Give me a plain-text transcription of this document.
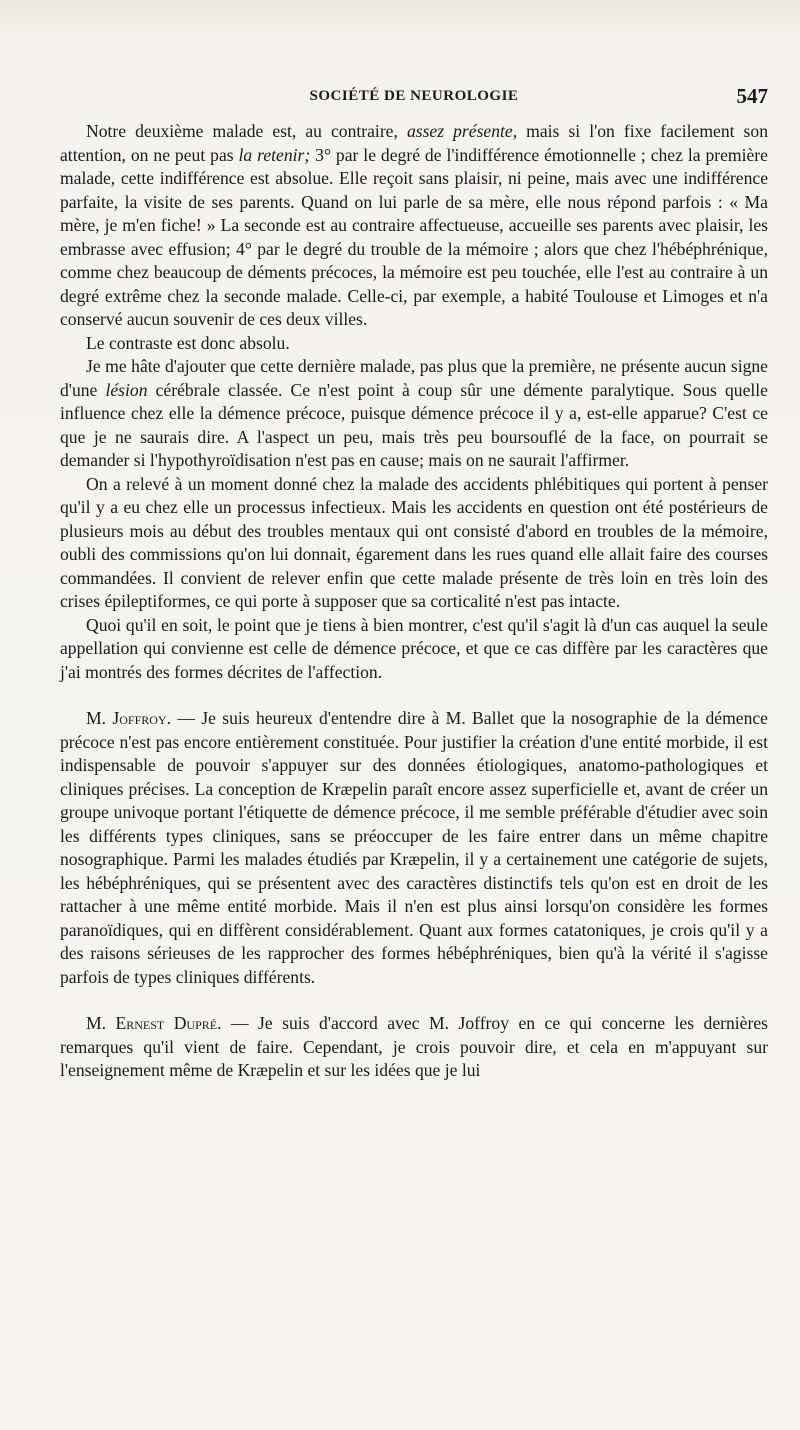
SOCIÉTÉ DE NEUROLOGIE	547

Notre deuxième malade est, au contraire, assez présente, mais si l'on fixe facilement son attention, on ne peut pas la retenir; 3° par le degré de l'indifférence émotionnelle ; chez la première malade, cette indifférence est absolue. Elle reçoit sans plaisir, ni peine, mais avec une indifférence parfaite, la visite de ses parents. Quand on lui parle de sa mère, elle nous répond parfois : « Ma mère, je m'en fiche! » La seconde est au contraire affectueuse, accueille ses parents avec plaisir, les embrasse avec effusion; 4° par le degré du trouble de la mémoire ; alors que chez l'hébéphrénique, comme chez beaucoup de déments précoces, la mémoire est peu touchée, elle l'est au contraire à un degré extrême chez la seconde malade. Celle-ci, par exemple, a habité Toulouse et Limoges et n'a conservé aucun souvenir de ces deux villes.

Le contraste est donc absolu.

Je me hâte d'ajouter que cette dernière malade, pas plus que la première, ne présente aucun signe d'une lésion cérébrale classée. Ce n'est point à coup sûr une démente paralytique. Sous quelle influence chez elle la démence précoce, puisque démence précoce il y a, est-elle apparue? C'est ce que je ne saurais dire. A l'aspect un peu, mais très peu boursouflé de la face, on pourrait se demander si l'hypothyroïdisation n'est pas en cause; mais on ne saurait l'affirmer.

On a relevé à un moment donné chez la malade des accidents phlébitiques qui portent à penser qu'il y a eu chez elle un processus infectieux. Mais les accidents en question ont été postérieurs de plusieurs mois au début des troubles mentaux qui ont consisté d'abord en troubles de la mémoire, oubli des commissions qu'on lui donnait, égarement dans les rues quand elle allait faire des courses commandées. Il convient de relever enfin que cette malade présente de très loin en très loin des crises épileptiformes, ce qui porte à supposer que sa corticalité n'est pas intacte.

Quoi qu'il en soit, le point que je tiens à bien montrer, c'est qu'il s'agit là d'un cas auquel la seule appellation qui convienne est celle de démence précoce, et que ce cas diffère par les caractères que j'ai montrés des formes décrites de l'affection.

M. Joffroy. — Je suis heureux d'entendre dire à M. Ballet que la nosographie de la démence précoce n'est pas encore entièrement constituée. Pour justifier la création d'une entité morbide, il est indispensable de pouvoir s'appuyer sur des données étiologiques, anatomo-pathologiques et cliniques précises. La conception de Kræpelin paraît encore assez superficielle et, avant de créer un groupe univoque portant l'étiquette de démence précoce, il me semble préférable d'étudier avec soin les différents types cliniques, sans se préoccuper de les faire entrer dans un même chapitre nosographique. Parmi les malades étudiés par Kræpelin, il y a certainement une catégorie de sujets, les hébéphréniques, qui se présentent avec des caractères distinctifs tels qu'on est en droit de les rattacher à une même entité morbide. Mais il n'en est plus ainsi lorsqu'on considère les formes paranoïdiques, qui en diffèrent considérablement. Quant aux formes catatoniques, je crois qu'il y a des raisons sérieuses de les rapprocher des formes hébéphréniques, bien qu'à la vérité il s'agisse parfois de types cliniques différents.

M. Ernest Dupré. — Je suis d'accord avec M. Joffroy en ce qui concerne les dernières remarques qu'il vient de faire. Cependant, je crois pouvoir dire, et cela en m'appuyant sur l'enseignement même de Kræpelin et sur les idées que je lui
